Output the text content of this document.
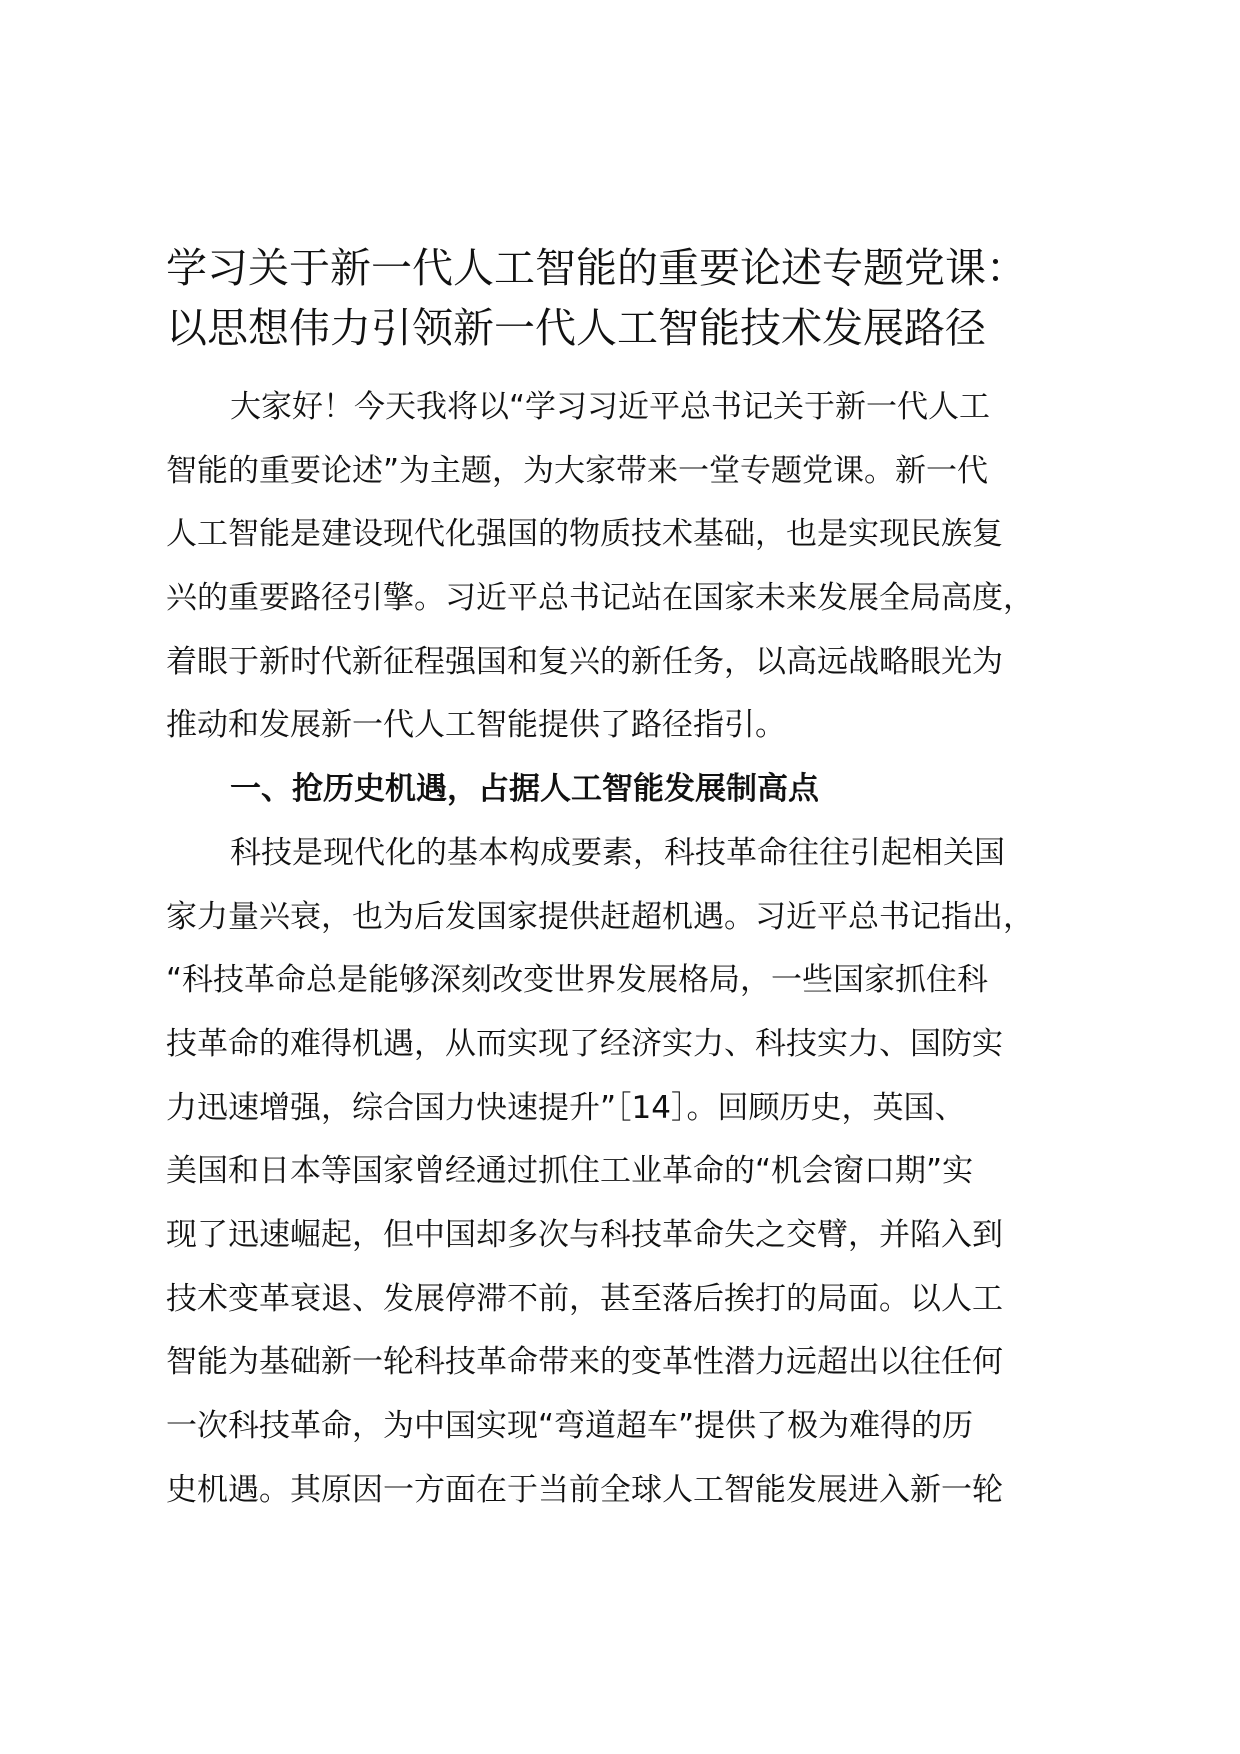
学习关于新一代人工智能的重要论述专题党课：
以思想伟力引领新一代人工智能技术发展路径
大家好！今天我将以“学习习近平总书记关于新一代人工
智能的重要论述”为主题，为大家带来一堂专题党课。新一代
人工智能是建设现代化强国的物质技术基础，也是实现民族复
兴的重要路径引擎。习近平总书记站在国家未来发展全局高度，
着眼于新时代新征程强国和复兴的新任务，以高远战略眼光为
推动和发展新一代人工智能提供了路径指引。
一、抢历史机遇，占据人工智能发展制高点
科技是现代化的基本构成要素，科技革命往往引起相关国
家力量兴衰，也为后发国家提供赶超机遇。习近平总书记指出，
“科技革命总是能够深刻改变世界发展格局，一些国家抓住科
技革命的难得机遇，从而实现了经济实力、科技实力、国防实
力迅速增强，综合国力快速提升”［14］。回顾历史，英国、
美国和日本等国家曾经通过抓住工业革命的“机会窗口期”实
现了迅速崛起，但中国却多次与科技革命失之交臂，并陷入到
技术变革衰退、发展停滞不前，甚至落后挨打的局面。以人工
智能为基础新一轮科技革命带来的变革性潜力远超出以往任何
一次科技革命，为中国实现“弯道超车”提供了极为难得的历
史机遇。其原因一方面在于当前全球人工智能发展进入新一轮
